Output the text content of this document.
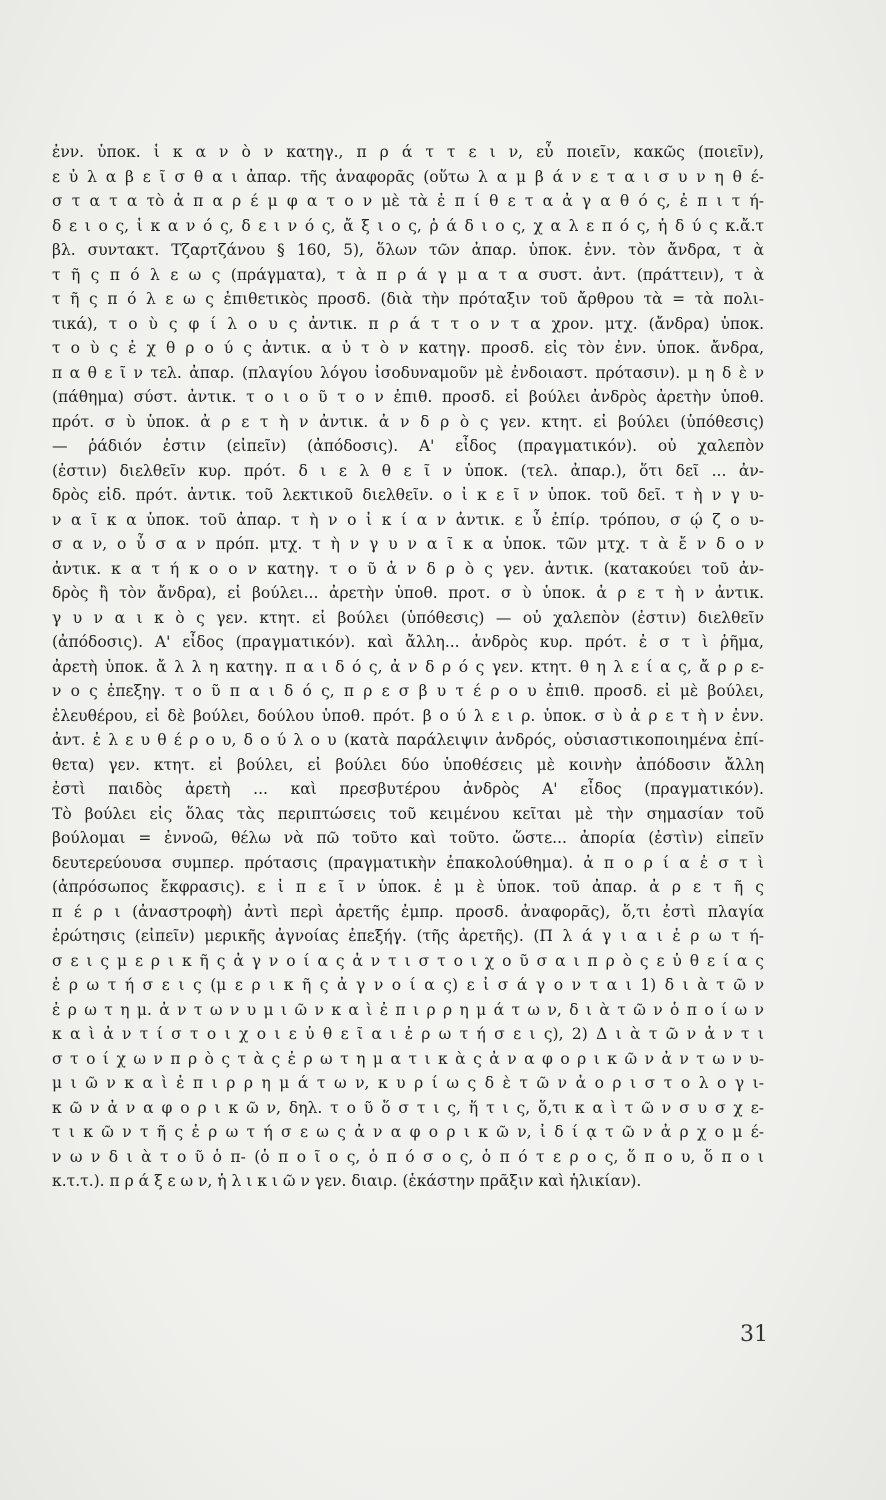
ἐνν. ὑποκ. ἱ κ α ν ὸ ν κατηγ., π ρ ά τ τ ε ι ν, εὖ ποιεῖν, κακῶς (ποιεῖν),
ε ὐ λ α β ε ῖ σ θ α ι ἀπαρ. τῆς ἀναφορᾶς (οὕτω λ α μ β ά ν ε τ α ι σ υ ν η θ έ-
σ τ α τ α τὸ ἀ π α ρ έ μ φ α τ ο ν μὲ τὰ ἐ π ί θ ε τ α ἀ γ α θ ό ς, ἐ π ι τ ή-
δ ε ι ο ς, ἱ κ α ν ό ς, δ ε ι ν ό ς, ἄ ξ ι ο ς, ῥ ά δ ι ο ς, χ α λ ε π ό ς, ἡ δ ύ ς κ.ἄ.τ
βλ. συντακτ. Τζαρτζάνου § 160, 5), ὅλων τῶν ἀπαρ. ὑποκ. ἐνν. τὸν ἄνδρα, τ ὰ
τ ῆ ς π ό λ ε ω ς (πράγματα), τ ὰ π ρ ά γ μ α τ α συστ. ἀντ. (πράττειν), τ ὰ
τ ῆ ς π ό λ ε ω ς ἐπιθετικὸς προσδ. (διὰ τὴν πρόταξιν τοῦ ἄρθρου τὰ = τὰ πολι-
τικά), τ ο ὺ ς φ ί λ ο υ ς ἀντικ. π ρ ά τ τ ο ν τ α χρον. μτχ. (ἄνδρα) ὑποκ.
τ ο ὺ ς ἐ χ θ ρ ο ύ ς ἀντικ. α ὐ τ ὸ ν κατηγ. προσδ. εἰς τὸν ἐνν. ὑποκ. ἄνδρα,
π α θ ε ῖ ν τελ. ἀπαρ. (πλαγίου λόγου ἰσοδυναμοῦν μὲ ἐνδοιαστ. πρότασιν). μ η δ ὲ ν
(πάθημα) σύστ. ἀντικ. τ ο ι ο ῦ τ ο ν ἐπιθ. προσδ. εἰ βούλει ἀνδρὸς ἀρετὴν ὑποθ.
πρότ. σ ὺ ὑποκ. ἀ ρ ε τ ὴ ν ἀντικ. ἀ ν δ ρ ὸ ς γεν. κτητ. εἰ βούλει (ὑπόθεσις)
— ῥάδιόν ἐστιν (εἰπεῖν) (ἀπόδοσις). Α' εἶδος (πραγματικόν). οὐ χαλεπὸν
(ἐστιν) διελθεῖν κυρ. πρότ. δ ι ε λ θ ε ῖ ν ὑποκ. (τελ. ἀπαρ.), ὅτι δεῖ ... ἀν-
δρὸς εἰδ. πρότ. ἀντικ. τοῦ λεκτικοῦ διελθεῖν. ο ἰ κ ε ῖ ν ὑποκ. τοῦ δεῖ. τ ὴ ν γ υ-
ν α ῖ κ α ὑποκ. τοῦ ἀπαρ. τ ὴ ν ο ἰ κ ί α ν ἀντικ. ε ὖ ἐπίρ. τρόπου, σ ῴ ζ ο υ-
σ α ν, ο ὖ σ α ν πρόπ. μτχ. τ ὴ ν γ υ ν α ῖ κ α ὑποκ. τῶν μτχ. τ ὰ ἔ ν δ ο ν
ἀντικ. κ α τ ή κ ο ο ν κατηγ. τ ο ῦ ἀ ν δ ρ ὸ ς γεν. ἀντικ. (κατακούει τοῦ ἀν-
δρὸς ἢ τὸν ἄνδρα), εἰ βούλει... ἀρετὴν ὑποθ. προτ. σ ὺ ὑποκ. ἀ ρ ε τ ὴ ν ἀντικ.
γ υ ν α ι κ ὸ ς γεν. κτητ. εἰ βούλει (ὑπόθεσις) — οὐ χαλεπὸν (ἐστιν) διελθεῖν
(ἀπόδοσις). Α' εἶδος (πραγματικόν). καὶ ἄλλη... ἀνδρὸς κυρ. πρότ. ἐ σ τ ὶ ῥῆμα,
ἀρετὴ ὑποκ. ἄ λ λ η κατηγ. π α ι δ ό ς, ἀ ν δ ρ ό ς γεν. κτητ. θ η λ ε ί α ς, ἄ ρ ρ ε-
ν ο ς ἐπεξηγ. τ ο ῦ π α ι δ ό ς, π ρ ε σ β υ τ έ ρ ο υ ἐπιθ. προσδ. εἰ μὲ βούλει,
ἐλευθέρου, εἰ δὲ βούλει, δούλου ὑποθ. πρότ. β ο ύ λ ε ι ρ. ὑποκ. σ ὺ ἀ ρ ε τ ὴ ν ἐνν.
ἀντ. ἐ λ ε υ θ έ ρ ο υ, δ ο ύ λ ο υ (κατὰ παράλειψιν ἀνδρός, οὐσιαστικοποιημένα ἐπί-
θετα) γεν. κτητ. εἰ βούλει, εἰ βούλει δύο ὑποθέσεις μὲ κοινὴν ἀπόδοσιν ἄλλη
ἐστὶ παιδὸς ἀρετὴ ... καὶ πρεσβυτέρου ἀνδρὸς Α' εἶδος (πραγματικόν).
Τὸ βούλει εἰς ὅλας τὰς περιπτώσεις τοῦ κειμένου κεῖται μὲ τὴν σημασίαν τοῦ
βούλομαι = ἐννοῶ, θέλω νὰ πῶ τοῦτο καὶ τοῦτο. ὥστε... ἀπορία (ἐστὶν) εἰπεῖν
δευτερεύουσα συμπερ. πρότασις (πραγματικὴν ἐπακολούθημα). ἀ π ο ρ ί α ἐ σ τ ὶ
(ἀπρόσωπος ἔκφρασις). ε ἰ π ε ῖ ν ὑποκ. ἐ μ ὲ ὑποκ. τοῦ ἀπαρ. ἀ ρ ε τ ῆ ς
π έ ρ ι (ἀναστροφὴ) ἀντὶ περὶ ἀρετῆς ἐμπρ. προσδ. ἀναφορᾶς), ὅ,τι ἐστὶ πλαγία
ἐρώτησις (εἰπεῖν) μερικῆς ἀγνοίας ἐπεξήγ. (τῆς ἀρετῆς). (Π λ ά γ ι α ι ἐ ρ ω τ ή-
σ ε ι ς μ ε ρ ι κ ῆ ς ἀ γ ν ο ί α ς ἀ ν τ ι σ τ ο ι χ ο ῦ σ α ι π ρ ὸ ς ε ὐ θ ε ί α ς
ἐ ρ ω τ ή σ ε ι ς (μ ε ρ ι κ ῆ ς ἀ γ ν ο ί α ς) ε ἰ σ ά γ ο ν τ α ι 1) δ ι ὰ τ ῶ ν
ἐ ρ ω τ η μ. ἀ ν τ ω ν υ μ ι ῶ ν κ α ὶ ἐ π ι ρ ρ η μ ά τ ω ν, δ ι ὰ τ ῶ ν ὁ π ο ί ω ν
κ α ὶ ἀ ν τ ί σ τ ο ι χ ο ι ε ὐ θ ε ῖ α ι ἐ ρ ω τ ή σ ε ι ς), 2) Δ ι ὰ τ ῶ ν ἀ ν τ ι
σ τ ο ί χ ω ν π ρ ὸ ς τ ὰ ς ἐ ρ ω τ η μ α τ ι κ ὰ ς ἀ ν α φ ο ρ ι κ ῶ ν ἀ ν τ ω ν υ-
μ ι ῶ ν κ α ὶ ἐ π ι ρ ρ η μ ά τ ω ν, κ υ ρ ί ω ς δ ὲ τ ῶ ν ἀ ο ρ ι σ τ ο λ ο γ ι-
κ ῶ ν ἀ ν α φ ο ρ ι κ ῶ ν, δηλ. τ ο ῦ ὅ σ τ ι ς, ἥ τ ι ς, ὅ,τι κ α ὶ τ ῶ ν σ υ σ χ ε-
τ ι κ ῶ ν τ ῆ ς ἐ ρ ω τ ή σ ε ω ς ἀ ν α φ ο ρ ι κ ῶ ν, ἰ δ ί ᾳ τ ῶ ν ἀ ρ χ ο μ έ-
ν ω ν δ ι ὰ τ ο ῦ ὁ π- (ὁ π ο ῖ ο ς, ὁ π ό σ ο ς, ὁ π ό τ ε ρ ο ς, ὅ π ο υ, ὅ π ο ι
κ.τ.τ.). π ρ ά ξ ε ω ν, ἡ λ ι κ ι ῶ ν γεν. διαιρ. (ἑκάστην πρᾶξιν καὶ ἡλικίαν).
31
